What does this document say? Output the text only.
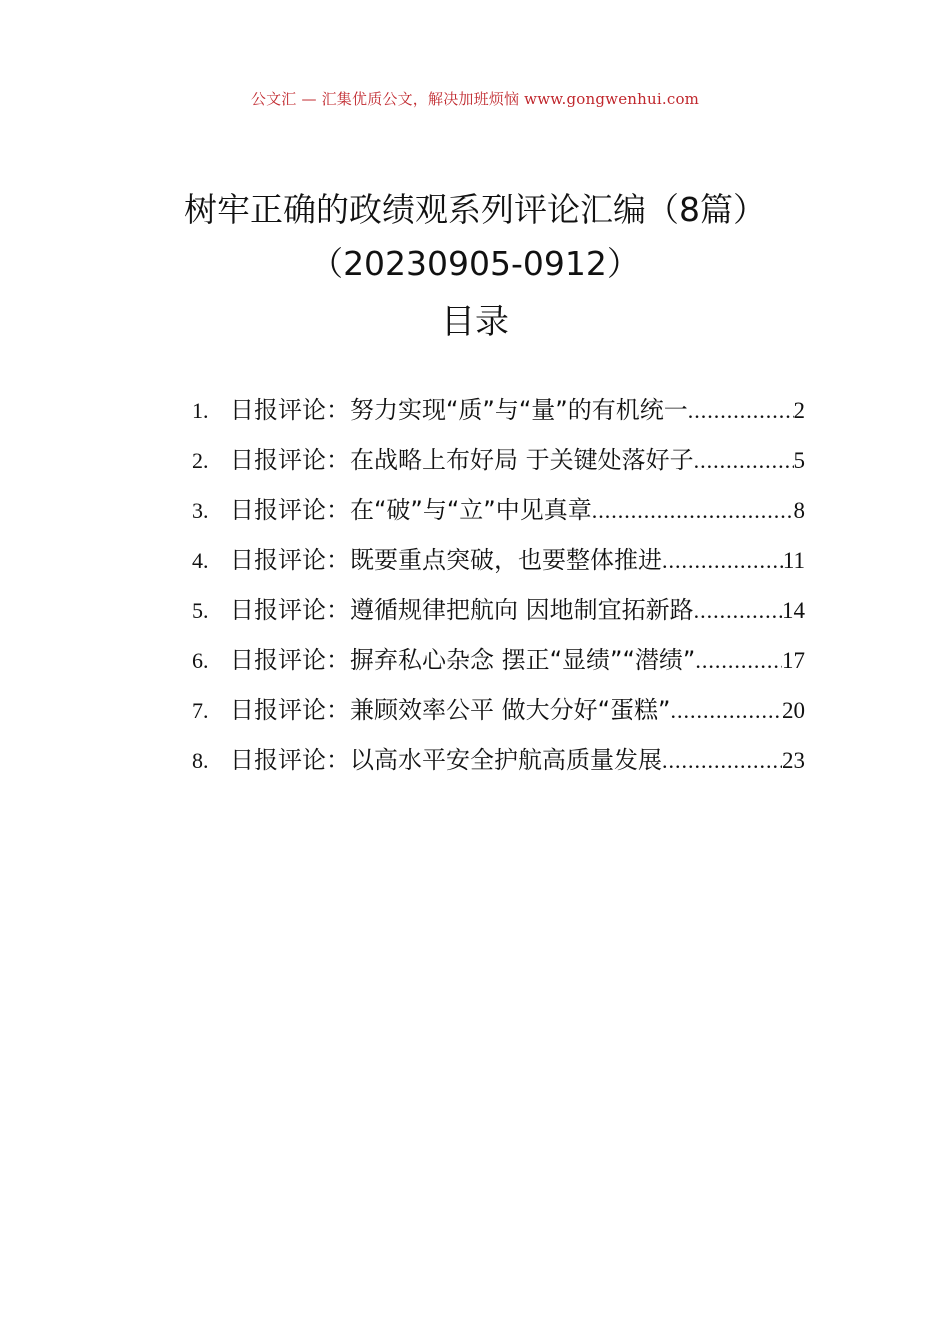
公文汇 — 汇集优质公文，解决加班烦恼 www.gongwenhui.com
树牢正确的政绩观系列评论汇编（8篇）
（20230905-0912）
目录
1. 日报评论：努力实现“质”与“量”的有机统一 .....	2
2. 日报评论：在战略上布好局 于关键处落好子 .....	5
3. 日报评论：在“破”与“立”中见真章 .....	8
4. 日报评论：既要重点突破，也要整体推进 .....	11
5. 日报评论：遵循规律把航向 因地制宜拓新路 .....	14
6. 日报评论：摒弃私心杂念 摆正“显绩”“潜绩” .....	17
7. 日报评论：兼顾效率公平 做大分好“蛋糕” .....	20
8. 日报评论：以高水平安全护航高质量发展 .....	23
